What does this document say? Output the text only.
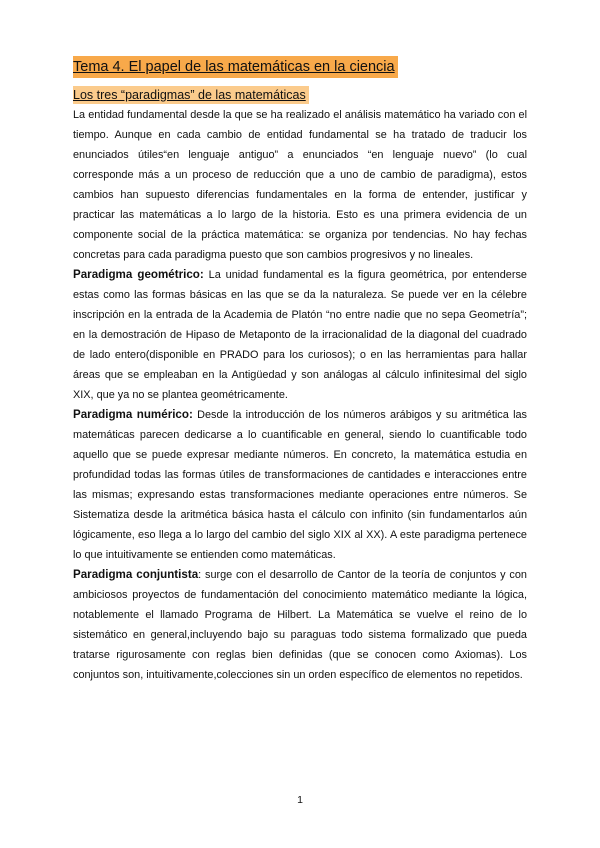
Tema 4. El papel de las matemáticas en la ciencia
Los tres “paradigmas” de las matemáticas

La entidad fundamental desde la que se ha realizado el análisis matemático ha variado con el tiempo. Aunque en cada cambio de entidad fundamental se ha tratado de traducir los enunciados útiles“en lenguaje antiguo” a enunciados “en lenguaje nuevo” (lo cual corresponde más a un proceso de reducción que a uno de cambio de paradigma), estos cambios han supuesto diferencias fundamentales en la forma de entender, justificar y practicar las matemáticas a lo largo de la historia. Esto es una primera evidencia de un componente social de la práctica matemática: se organiza por tendencias. No hay fechas concretas para cada paradigma puesto que son cambios progresivos y no lineales.

Paradigma geométrico: La unidad fundamental es la figura geométrica, por entenderse estas como las formas básicas en las que se da la naturaleza. Se puede ver en la célebre inscripción en la entrada de la Academia de Platón “no entre nadie que no sepa Geometría”; en la demostración de Hipaso de Metaponto de la irracionalidad de la diagonal del cuadrado de lado entero(disponible en PRADO para los curiosos); o en las herramientas para hallar áreas que se empleaban en la Antigüedad y son análogas al cálculo infinitesimal del siglo XIX, que ya no se plantea geométricamente.

Paradigma numérico: Desde la introducción de los números arábigos y su aritmética las matemáticas parecen dedicarse a lo cuantificable en general, siendo lo cuantificable todo aquello que se puede expresar mediante números. En concreto, la matemática estudia en profundidad todas las formas útiles de transformaciones de cantidades e interacciones entre las mismas; expresando estas transformaciones mediante operaciones entre números. Se Sistematiza desde la aritmética básica hasta el cálculo con infinito (sin fundamentarlos aún lógicamente, eso llega a lo largo del cambio del siglo XIX al XX). A este paradigma pertenece lo que intuitivamente se entienden como matemáticas.

Paradigma conjuntista: surge con el desarrollo de Cantor de la teoría de conjuntos y con ambiciosos proyectos de fundamentación del conocimiento matemático mediante la lógica, notablemente el llamado Programa de Hilbert. La Matemática se vuelve el reino de lo sistemático en general,incluyendo bajo su paraguas todo sistema formalizado que pueda tratarse rigurosamente con reglas bien definidas (que se conocen como Axiomas). Los conjuntos son, intuitivamente,colecciones sin un orden específico de elementos no repetidos.

1
